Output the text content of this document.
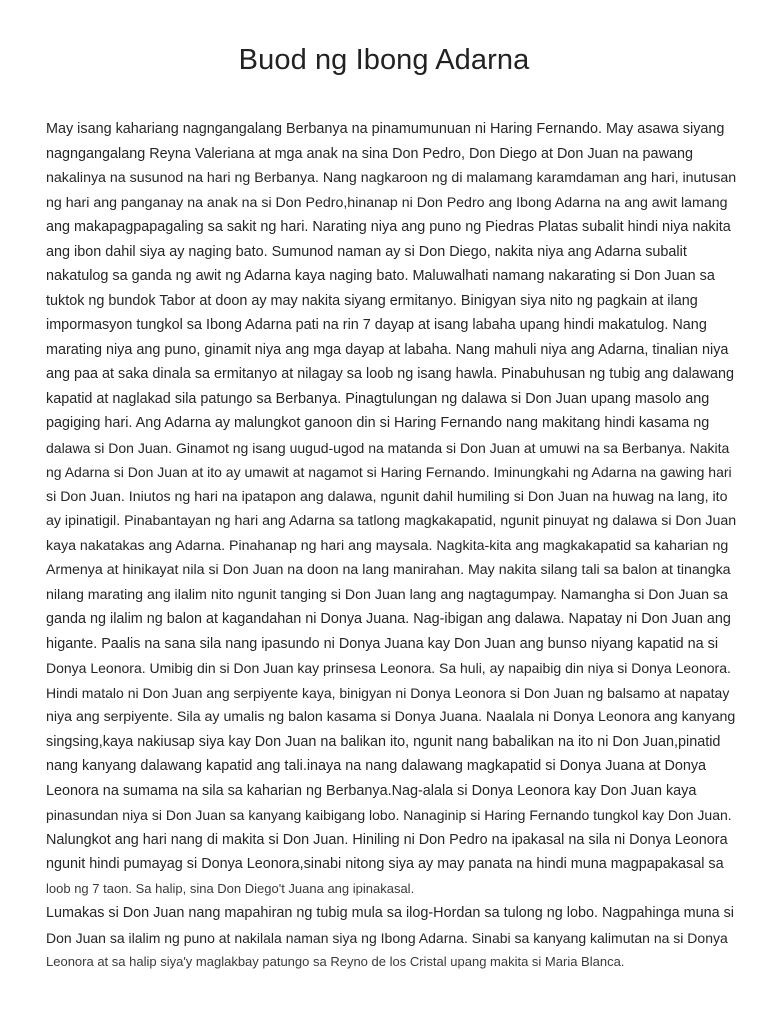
Buod ng Ibong Adarna
May isang kahariang nagngangalang Berbanya na pinamumunuan ni Haring Fernando. May asawa siyang
nagngangalang Reyna Valeriana at mga anak na sina Don Pedro, Don Diego at Don Juan na pawang
nakalinya na susunod na hari ng Berbanya. Nang nagkaroon ng di malamang karamdaman ang hari, inutusan
ng hari ang panganay na anak na si Don Pedro,hinanap ni Don Pedro ang Ibong Adarna na ang awit lamang
ang makapagpapagaling sa sakit ng hari. Narating niya ang puno ng Piedras Platas subalit hindi niya nakita
ang ibon dahil siya ay naging bato. Sumunod naman ay si Don Diego, nakita niya ang Adarna subalit
nakatulog sa ganda ng awit ng Adarna kaya naging bato. Maluwalhati namang nakarating si Don Juan sa
tuktok ng bundok Tabor at doon ay may nakita siyang ermitanyo. Binigyan siya nito ng pagkain at ilang
impormasyon tungkol sa Ibong Adarna pati na rin 7 dayap at isang labaha upang hindi makatulog. Nang
marating niya ang puno, ginamit niya ang mga dayap at labaha. Nang mahuli niya ang Adarna, tinalian niya
ang paa at saka dinala sa ermitanyo at nilagay sa loob ng isang hawla. Pinabuhusan ng tubig ang dalawang
kapatid at naglakad sila patungo sa Berbanya. Pinagtulungan ng dalawa si Don Juan upang masolo ang
pagiging hari. Ang Adarna ay malungkot ganoon din si Haring Fernando nang makitang hindi kasama ng
dalawa si Don Juan. Ginamot ng isang uugud-ugod na matanda si Don Juan at umuwi na sa Berbanya. Nakita
ng Adarna si Don Juan at ito ay umawit at nagamot si Haring Fernando. Iminungkahi ng Adarna na gawing hari
si Don Juan. Iniutos ng hari na ipatapon ang dalawa, ngunit dahil humiling si Don Juan na huwag na lang, ito
ay ipinatigil. Pinabantayan ng hari ang Adarna sa tatlong magkakapatid, ngunit pinuyat ng dalawa si Don Juan
kaya nakatakas ang Adarna. Pinahanap ng hari ang maysala. Nagkita-kita ang magkakapatid sa kaharian ng
Armenya at hinikayat nila si Don Juan na doon na lang manirahan. May nakita silang tali sa balon at tinangka
nilang marating ang ilalim nito ngunit tanging si Don Juan lang ang nagtagumpay. Namangha si Don Juan sa
ganda ng ilalim ng balon at kagandahan ni Donya Juana. Nag-ibigan ang dalawa. Napatay ni Don Juan ang
higante. Paalis na sana sila nang ipasundo ni Donya Juana kay Don Juan ang bunso niyang kapatid na si
Donya Leonora. Umibig din si Don Juan kay prinsesa Leonora. Sa huli, ay napaibig din niya si Donya Leonora.
Hindi matalo ni Don Juan ang serpiyente kaya, binigyan ni Donya Leonora si Don Juan ng balsamo at napatay
niya ang serpiyente. Sila ay umalis ng balon kasama si Donya Juana. Naalala ni Donya Leonora ang kanyang
singsing,kaya nakiusap siya kay Don Juan na balikan ito, ngunit nang babalikan na ito ni Don Juan,pinatid
nang kanyang dalawang kapatid ang tali.inaya na nang dalawang magkapatid si Donya Juana at Donya
Leonora na sumama na sila sa kaharian ng Berbanya.Nag-alala si Donya Leonora kay Don Juan kaya
pinasundan niya si Don Juan sa kanyang kaibigang lobo. Nanaginip si Haring Fernando tungkol kay Don Juan.
Nalungkot ang hari nang di makita si Don Juan. Hiniling ni Don Pedro na ipakasal na sila ni Donya Leonora
ngunit hindi pumayag si Donya Leonora,sinabi nitong siya ay may panata na hindi muna magpapakasal sa
loob ng 7 taon. Sa halip, sina Don Diego't Juana ang ipinakasal.
Lumakas si Don Juan nang mapahiran ng tubig mula sa ilog-Hordan sa tulong ng lobo. Nagpahinga muna si
Don Juan sa ilalim ng puno at nakilala naman siya ng Ibong Adarna. Sinabi sa kanyang kalimutan na si Donya
Leonora at sa halip siya'y maglakbay patungo sa Reyno de los Cristal upang makita si Maria Blanca.
